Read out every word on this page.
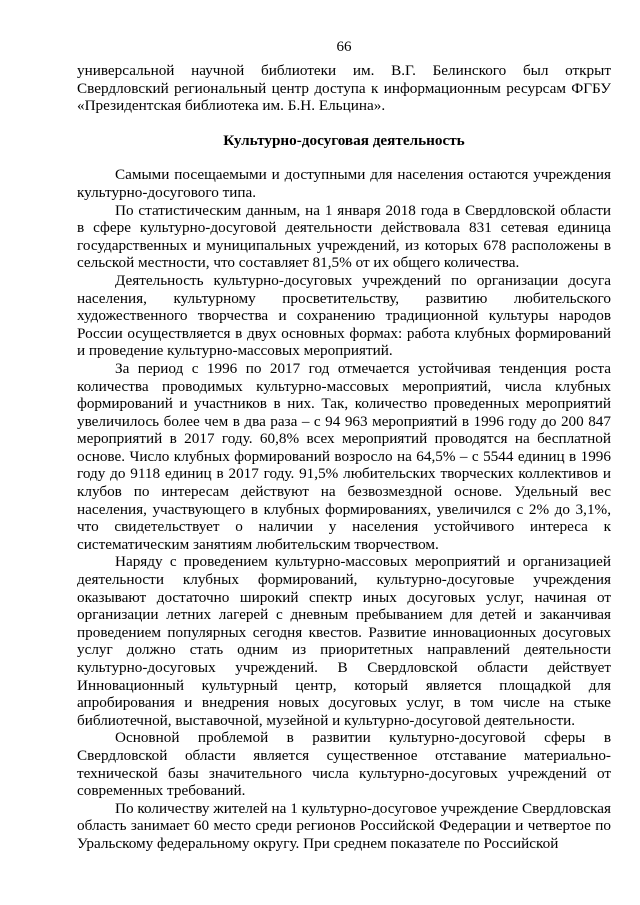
66

универсальной научной библиотеки им. В.Г. Белинского был открыт Свердловский региональный центр доступа к информационным ресурсам ФГБУ «Президентская библиотека им. Б.Н. Ельцина».

Культурно-досуговая деятельность

Самыми посещаемыми и доступными для населения остаются учреждения культурно-досугового типа.

По статистическим данным, на 1 января 2018 года в Свердловской области в сфере культурно-досуговой деятельности действовала 831 сетевая единица государственных и муниципальных учреждений, из которых 678 расположены в сельской местности, что составляет 81,5% от их общего количества.

Деятельность культурно-досуговых учреждений по организации досуга населения, культурному просветительству, развитию любительского художественного творчества и сохранению традиционной культуры народов России осуществляется в двух основных формах: работа клубных формирований и проведение культурно-массовых мероприятий.

За период с 1996 по 2017 год отмечается устойчивая тенденция роста количества проводимых культурно-массовых мероприятий, числа клубных формирований и участников в них. Так, количество проведенных мероприятий увеличилось более чем в два раза – с 94 963 мероприятий в 1996 году до 200 847 мероприятий в 2017 году. 60,8% всех мероприятий проводятся на бесплатной основе. Число клубных формирований возросло на 64,5% – с 5544 единиц в 1996 году до 9118 единиц в 2017 году. 91,5% любительских творческих коллективов и клубов по интересам действуют на безвозмездной основе. Удельный вес населения, участвующего в клубных формированиях, увеличился с 2% до 3,1%, что свидетельствует о наличии у населения устойчивого интереса к систематическим занятиям любительским творчеством.

Наряду с проведением культурно-массовых мероприятий и организацией деятельности клубных формирований, культурно-досуговые учреждения оказывают достаточно широкий спектр иных досуговых услуг, начиная от организации летних лагерей с дневным пребыванием для детей и заканчивая проведением популярных сегодня квестов. Развитие инновационных досуговых услуг должно стать одним из приоритетных направлений деятельности культурно-досуговых учреждений. В Свердловской области действует Инновационный культурный центр, который является площадкой для апробирования и внедрения новых досуговых услуг, в том числе на стыке библиотечной, выставочной, музейной и культурно-досуговой деятельности.

Основной проблемой в развитии культурно-досуговой сферы в Свердловской области является существенное отставание материально-технической базы значительного числа культурно-досуговых учреждений от современных требований.

По количеству жителей на 1 культурно-досуговое учреждение Свердловская область занимает 60 место среди регионов Российской Федерации и четвертое по Уральскому федеральному округу. При среднем показателе по Российской
